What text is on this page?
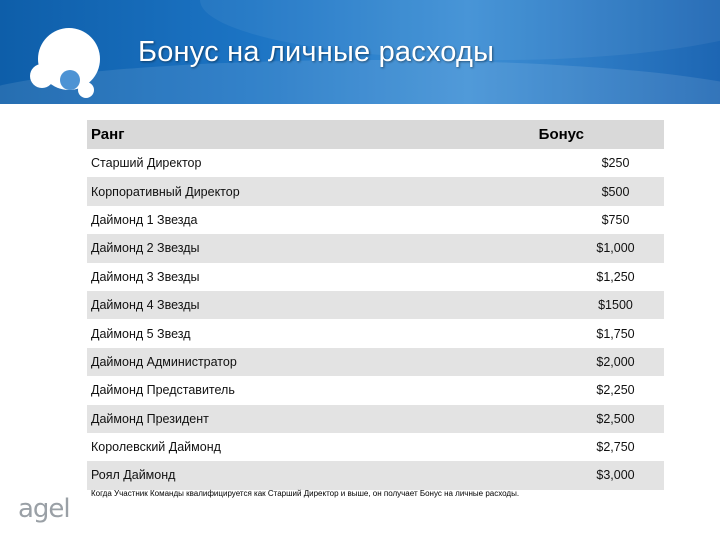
Бонус на личные расходы
Ранг	Бонус
Старший Директор	$250
Корпоративный Директор	$500
Даймонд 1 Звезда	$750
Даймонд 2 Звезды	$1,000
Даймонд 3 Звезды	$1,250
Даймонд 4 Звезды	$1500
Даймонд 5 Звезд	$1,750
Даймонд Администратор	$2,000
Даймонд Представитель	$2,250
Даймонд Президент	$2,500
Королевский Даймонд	$2,750
Роял Даймонд	$3,000
Когда Участник Команды квалифицируется как Старший Директор и выше, он получает Бонус на личные расходы.
agel
